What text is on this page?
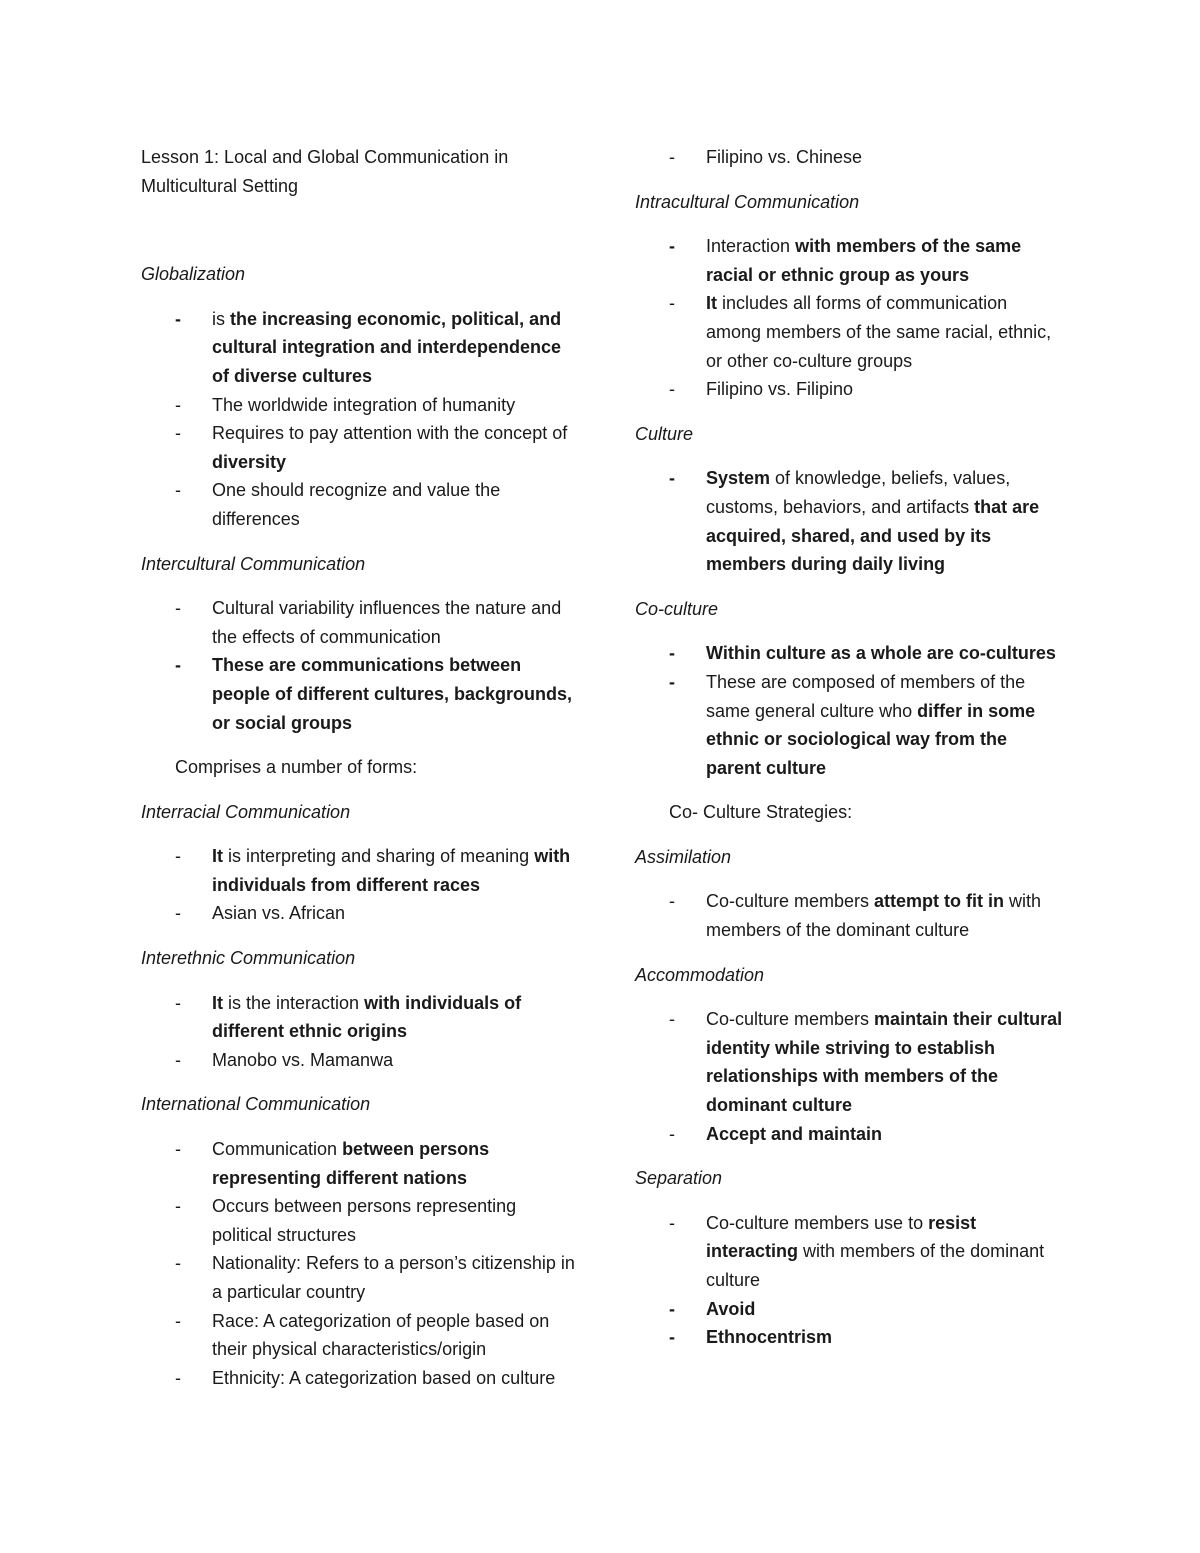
Lesson 1: Local and Global Communication in Multicultural Setting
Globalization
- is the increasing economic, political, and cultural integration and interdependence of diverse cultures
- The worldwide integration of humanity
- Requires to pay attention with the concept of diversity
- One should recognize and value the differences
Intercultural Communication
- Cultural variability influences the nature and the effects of communication
- These are communications between people of different cultures, backgrounds, or social groups
Comprises a number of forms:
Interracial Communication
- It is interpreting and sharing of meaning with individuals from different races
- Asian vs. African
Interethnic Communication
- It is the interaction with individuals of different ethnic origins
- Manobo vs. Mamanwa
International Communication
- Communication between persons representing different nations
- Occurs between persons representing political structures
- Nationality: Refers to a person’s citizenship in a particular country
- Race: A categorization of people based on their physical characteristics/origin
- Ethnicity: A categorization based on culture
- Filipino vs. Chinese
Intracultural Communication
- Interaction with members of the same racial or ethnic group as yours
- It includes all forms of communication among members of the same racial, ethnic, or other co-culture groups
- Filipino vs. Filipino
Culture
- System of knowledge, beliefs, values, customs, behaviors, and artifacts that are acquired, shared, and used by its members during daily living
Co-culture
- Within culture as a whole are co-cultures
- These are composed of members of the same general culture who differ in some ethnic or sociological way from the parent culture
Co- Culture Strategies:
Assimilation
- Co-culture members attempt to fit in with members of the dominant culture
Accommodation
- Co-culture members maintain their cultural identity while striving to establish relationships with members of the dominant culture
- Accept and maintain
Separation
- Co-culture members use to resist interacting with members of the dominant culture
- Avoid
- Ethnocentrism
